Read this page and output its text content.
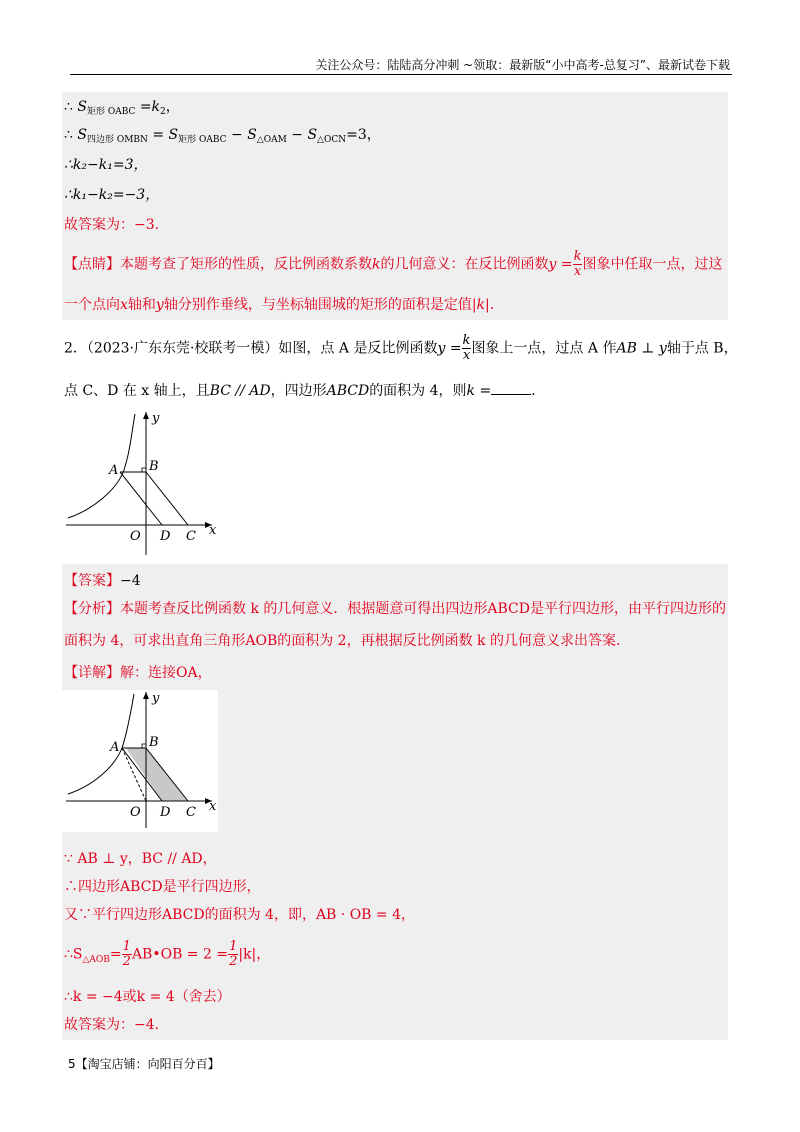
关注公众号：陆陆高分冲刺 ~领取：最新版“小中高考-总复习”、最新试卷下载
∴ $S_{矩形 OABC} =k_2$，
∴ $S_{四边形 OMBN} = S_{矩形 OABC} - S_{\triangle OAM} - S_{\triangle OCN}=3$，
∴k₂−k₁=3，
∴k₁−k₂=−3，
故答案为：−3．
【点睛】本题考查了矩形的性质，反比例函数系数k的几何意义：在反比例函数$y = \frac{k}{x}$ 图象中任取一点，过这
一个点向x轴和y轴分别作垂线，与坐标轴围城的矩形的面积是定值|k|．
2．（2023·广东东莞·校联考一模）如图，点 A 是反比例函数$y = \frac{k}{x}$ 图象上一点，过点 A 作AB ⊥ y轴于点 B，
点 C、D 在 x 轴上，且BC // AD，四边形ABCD的面积为 4，则k =	．
A B
O D C x
y
【答案】−4
【分析】本题考查反比例函数 k 的几何意义．根据题意可得出四边形ABCD是平行四边形，由平行四边形的
面积为 4，可求出直角三角形AOB的面积为 2，再根据反比例函数 k 的几何意义求出答案．
【详解】解：连接OA，
A B
O D C x
y
∵ AB ⊥ y，BC // AD，
∴四边形ABCD是平行四边形，
又∵平行四边形ABCD的面积为 4，即，AB · OB = 4，
$\therefore S_{\triangle AOB}= \frac{1}{2}$ AB•OB = $2 = \frac{1}{2} |k|$，
∴k = −4或k = 4（舍去）
故答案为：−4．
5【淘宝店铺：向阳百分百】
